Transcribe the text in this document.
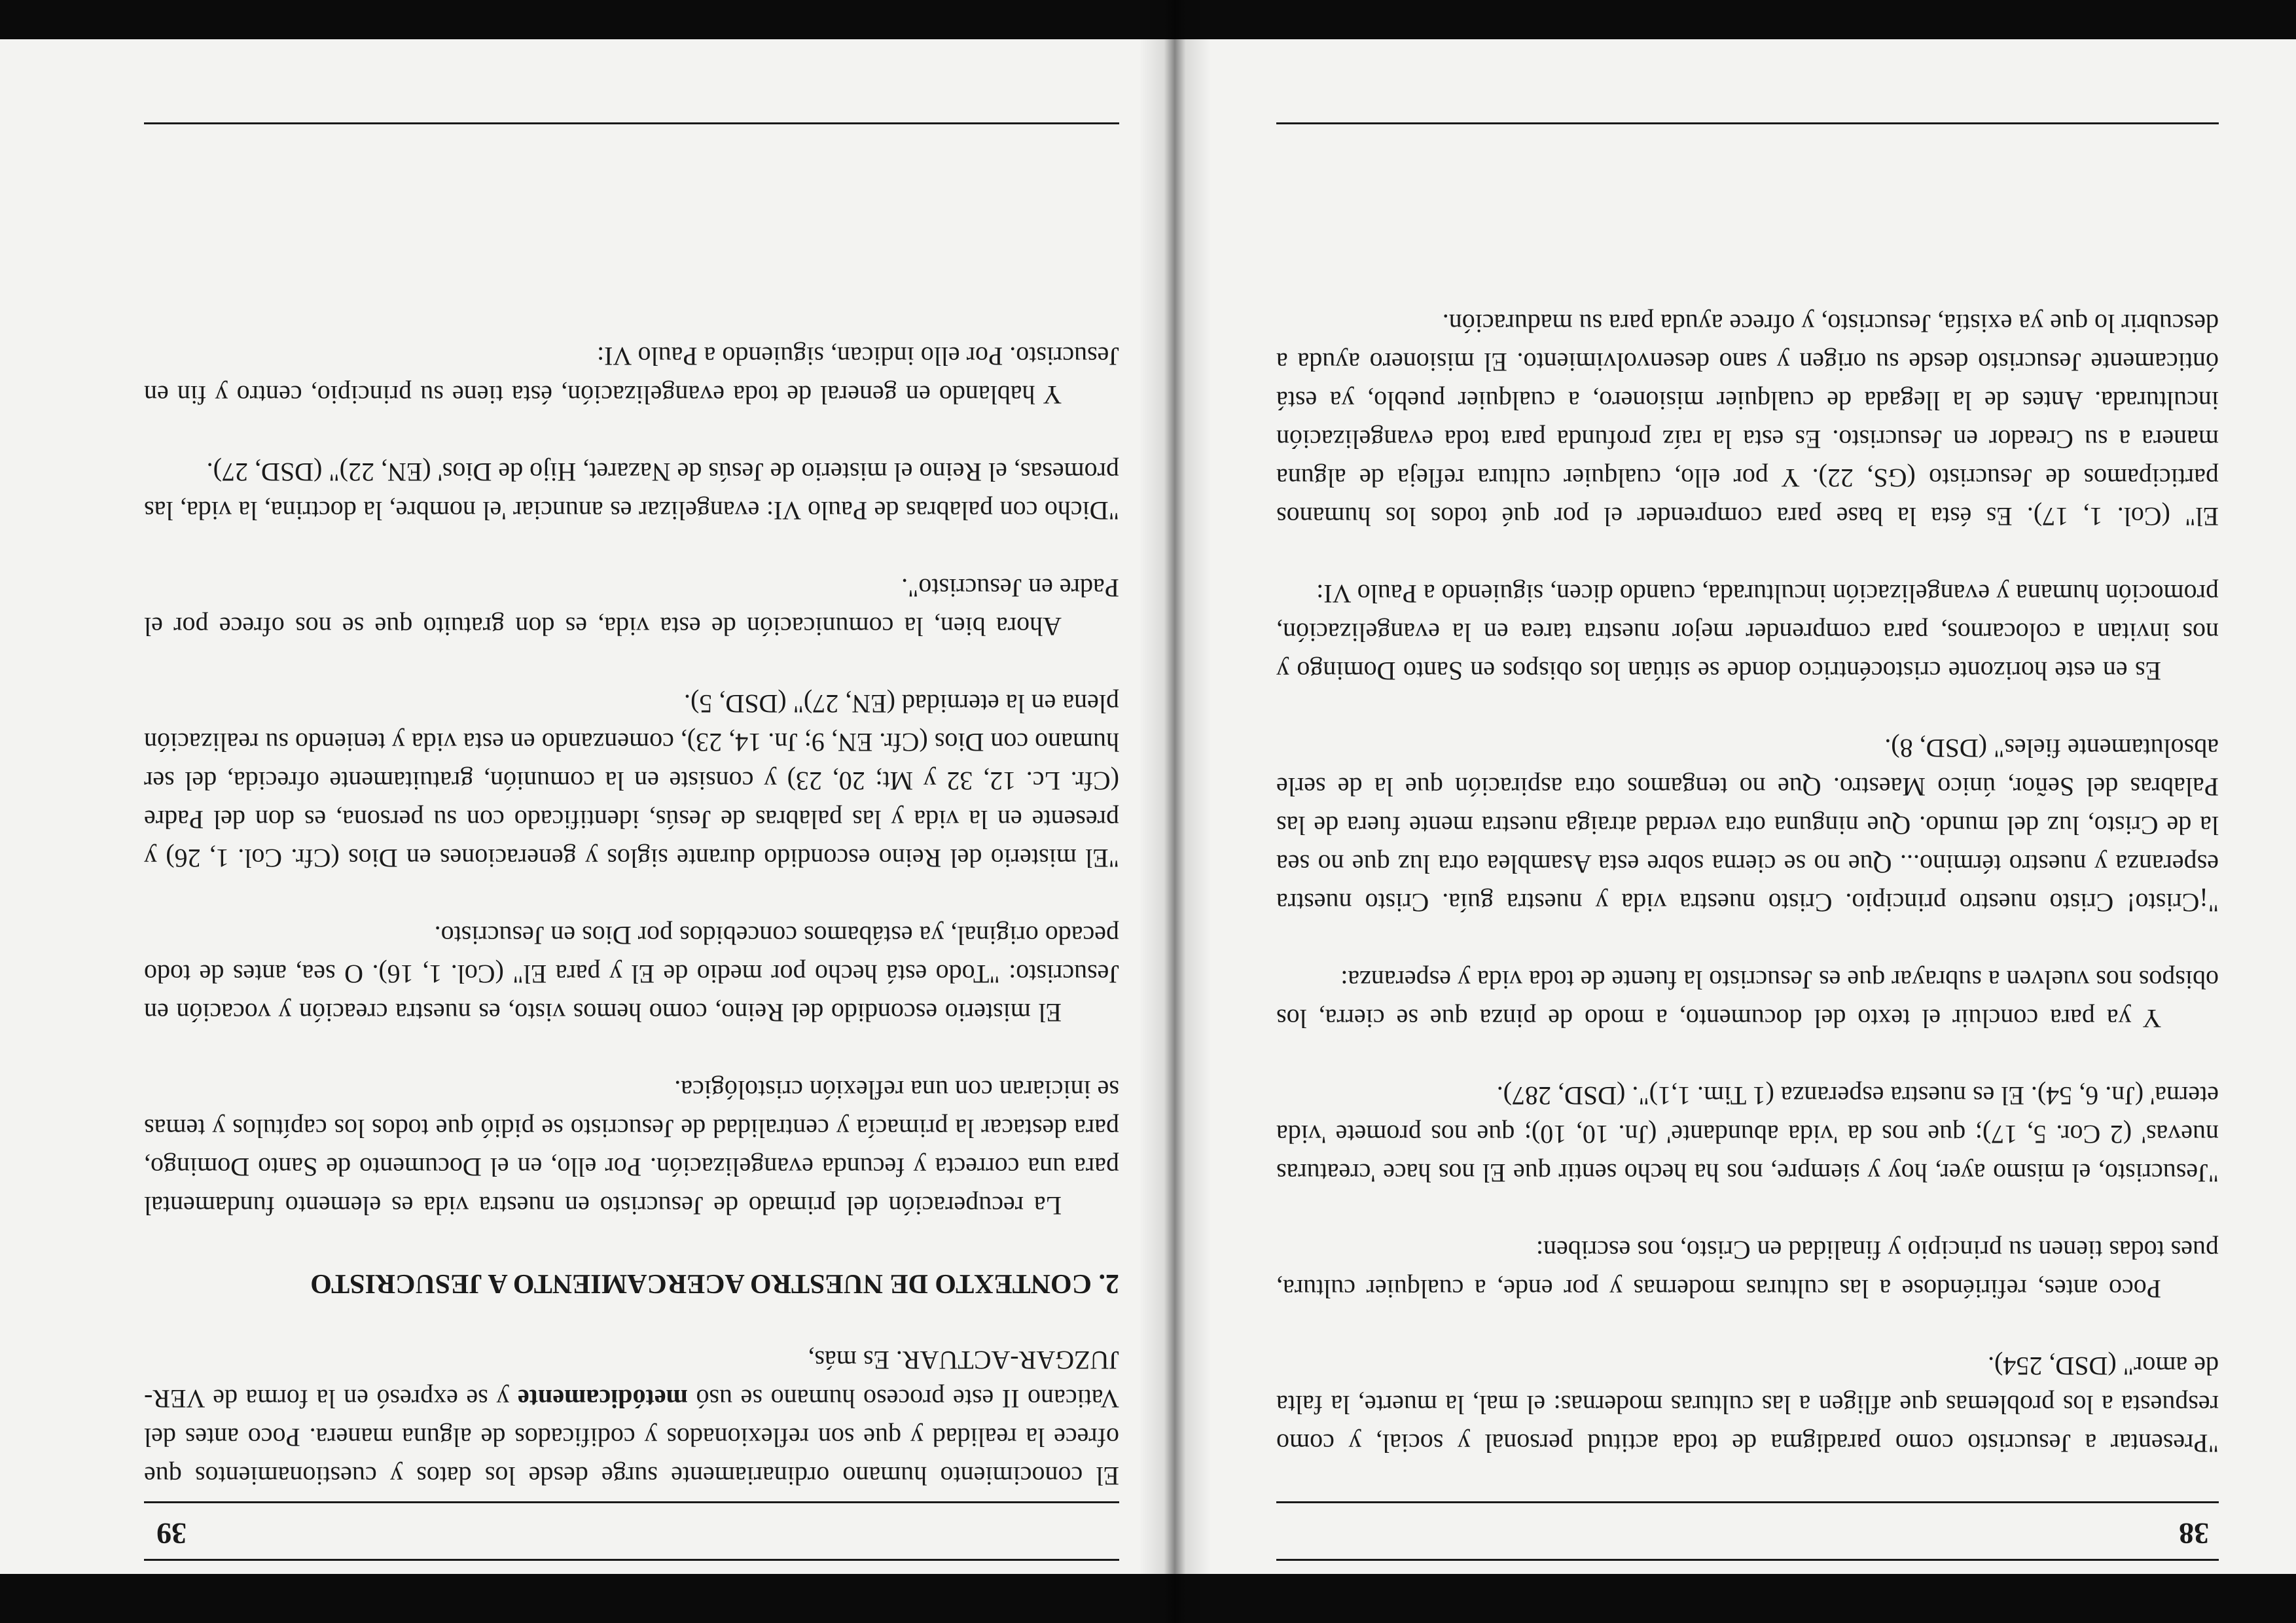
39

El conocimiento humano ordinariamente surge desde los datos y cuestionamientos que ofrece la realidad y que son reflexionados y codificados de alguna manera. Poco antes del Vaticano II este proceso humano se usó metódicamente y se expresó en la forma de VER-JUZGAR-ACTUAR. Es más,

2. CONTEXTO DE NUESTRO ACERCAMIENTO A JESUCRISTO

La recuperación del primado de Jesucristo en nuestra vida es elemento fundamental para una correcta y fecunda evangelización. Por ello, en el Documento de Santo Domingo, para destacar la primacía y centralidad de Jesucristo se pidió que todos los capítulos y temas se iniciaran con una reflexión cristológica.

El misterio escondido del Reino, como hemos visto, es nuestra creación y vocación en Jesucristo: "Todo está hecho por medio de El y para El" (Col. 1, 16). O sea, antes de todo pecado original, ya estábamos concebidos por Dios en Jesucristo.

"El misterio del Reino escondido durante siglos y generaciones en Dios (Cfr. Col. 1, 26) y presente en la vida y las palabras de Jesús, identificado con su persona, es don del Padre (Cfr. Lc. 12, 32 y Mt; 20, 23) y consiste en la comunión, gratuitamente ofrecida, del ser humano con Dios (Cfr. EN, 9; Jn. 14, 23), comenzando en esta vida y teniendo su realización plena en la eternidad (EN, 27)" (DSD, 5).

Ahora bien, la comunicación de esta vida, es don gratuito que se nos ofrece por el Padre en Jesucristo".

"Dicho con palabras de Paulo VI: evangelizar es anunciar 'el nombre, la doctrina, la vida, las promesas, el Reino el misterio de Jesús de Nazaret, Hijo de Dios' (EN, 22)" (DSD, 27).

Y hablando en general de toda evangelización, ésta tiene su principio, centro y fin en Jesucristo. Por ello indican, siguiendo a Paulo VI:

38

"Presentar a Jesucristo como paradigma de toda actitud personal y social, y como respuesta a los problemas que afligen a las culturas modernas: el mal, la muerte, la falta de amor" (DSD, 254).

Poco antes, refiriéndose a las culturas modernas y por ende, a cualquier cultura, pues todas tienen su principio y finalidad en Cristo, nos escriben:

"Jesucristo, el mismo ayer, hoy y siempre, nos ha hecho sentir que El nos hace 'creaturas nuevas' (2 Cor. 5, 17); que nos da 'vida abundante' (Jn. 10, 10); que nos promete 'vida eterna' (Jn. 6, 54). El es nuestra esperanza (1 Tim. 1,1)". (DSD, 287).

Y ya para concluir el texto del documento, a modo de pinza que se cierra, los obispos nos vuelven a subrayar que es Jesucristo la fuente de toda vida y esperanza:

"¡Cristo! Cristo nuestro principio. Cristo nuestra vida y nuestra guía. Cristo nuestra esperanza y nuestro término... Que no se cierna sobre esta Asamblea otra luz que no sea la de Cristo, luz del mundo. Que ninguna otra verdad atraiga nuestra mente fuera de las Palabras del Señor, único Maestro. Que no tengamos otra aspiración que la de serle absolutamente fieles" (DSD, 8).

Es en este horizonte cristocéntrico donde se sitúan los obispos en Santo Domingo y nos invitan a colocarnos, para comprender mejor nuestra tarea en la evangelización, promoción humana y evangelización inculturada, cuando dicen, siguiendo a Paulo VI:

El" (Col. 1, 17). Es ésta la base para comprender el por qué todos los humanos participamos de Jesucristo (GS, 22). Y por ello, cualquier cultura refleja de alguna manera a su Creador en Jesucristo. Es esta la raíz profunda para toda evangelización inculturada. Antes de la llegada de cualquier misionero, a cualquier pueblo, ya está ónticamente Jesucristo desde su origen y sano desenvolvimiento. El misionero ayuda a descubrir lo que ya existía, Jesucristo, y ofrece ayuda para su maduración.
